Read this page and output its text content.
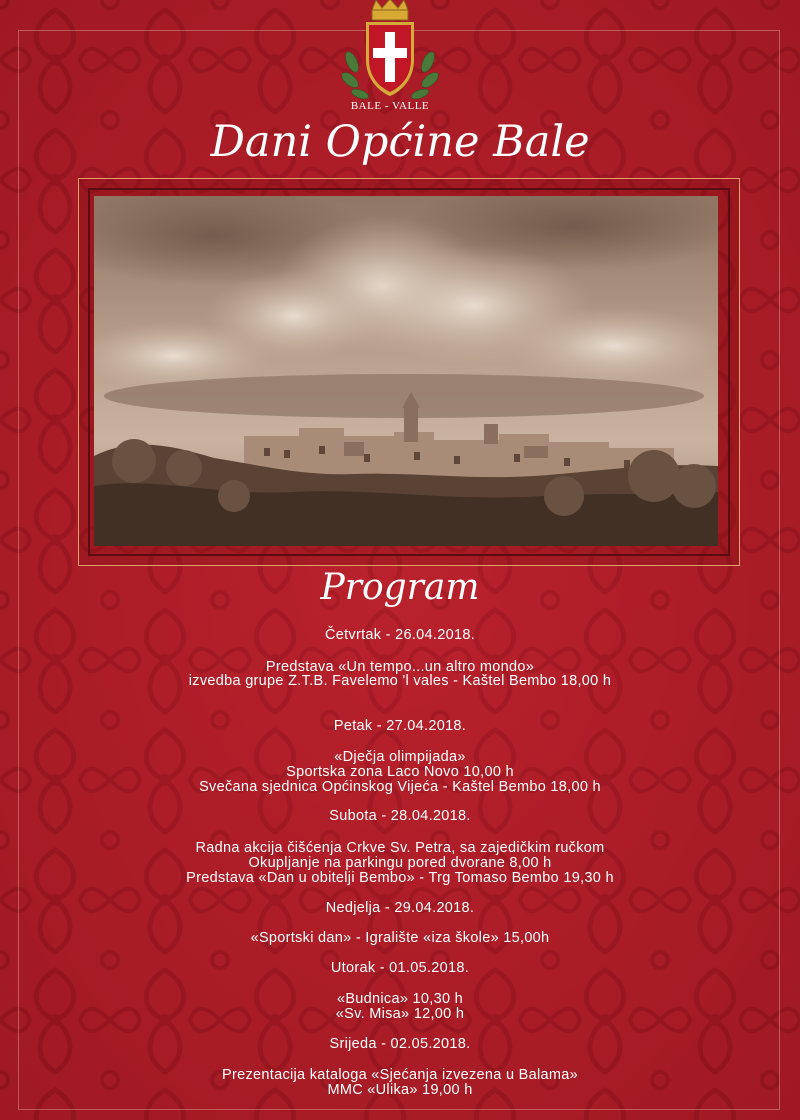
BALE - VALLE
Dani Općine Bale
Program
Četvrtak - 26.04.2018.
Predstava «Un tempo...un altro mondo»
izvedba grupe Z.T.B. Favelemo 'l vales - Kaštel Bembo 18,00 h
Petak - 27.04.2018.
«Dječja olimpijada»
Sportska zona Laco Novo 10,00 h
Svečana sjednica Općinskog Vijeća - Kaštel Bembo 18,00 h
Subota - 28.04.2018.
Radna akcija čišćenja Crkve Sv. Petra, sa zajedičkim ručkom
Okupljanje na parkingu pored dvorane 8,00 h
Predstava «Dan u obitelji Bembo» - Trg Tomaso Bembo 19,30 h
Nedjelja - 29.04.2018.
«Sportski dan» - Igralište «iza škole» 15,00h
Utorak - 01.05.2018.
«Budnica» 10,30 h
«Sv. Misa» 12,00 h
Srijeda - 02.05.2018.
Prezentacija kataloga «Sjećanja izvezena u Balama»
MMC «Ulika» 19,00 h
